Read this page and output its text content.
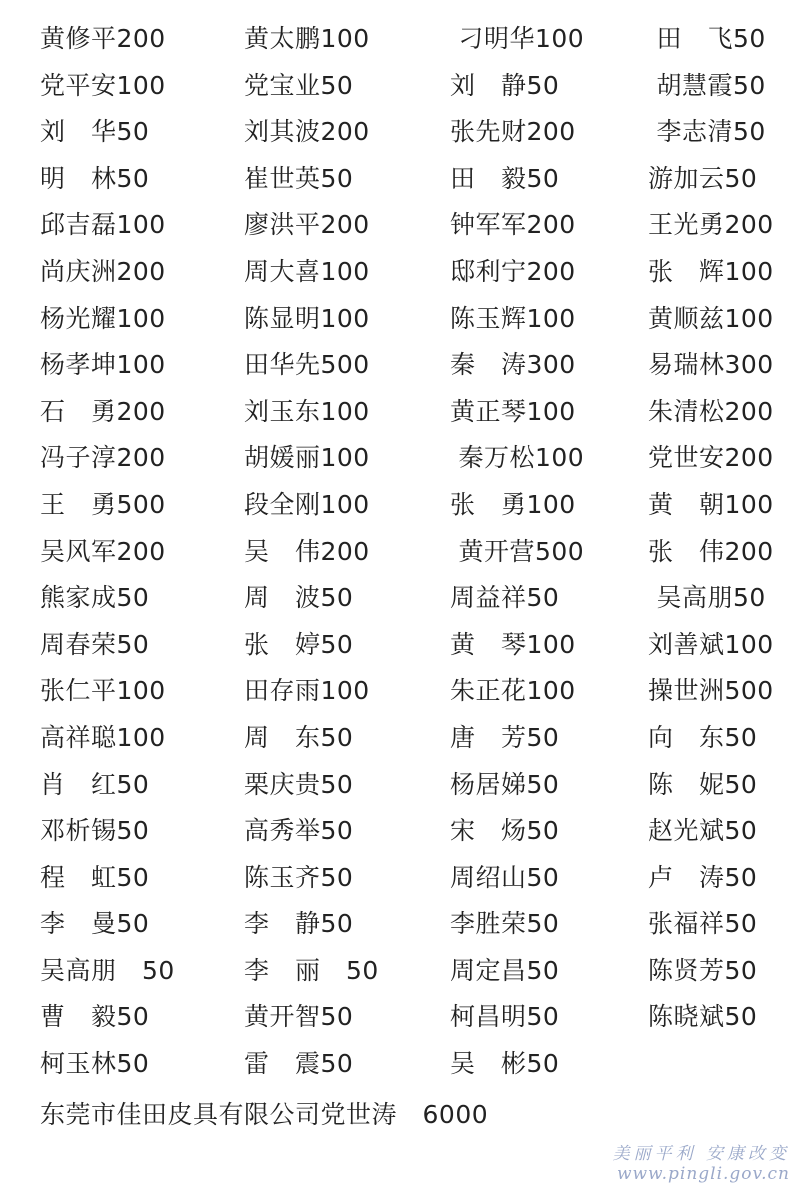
黄修平200	黄太鹏100	刁明华100	田　飞50
党平安100	党宝业50	刘　静50	胡慧霞50
刘　华50	刘其波200	张先财200	李志清50
明　林50	崔世英50	田　毅50	游加云50
邱吉磊100	廖洪平200	钟军军200	王光勇200
尚庆洲200	周大喜100	邸利宁200	张　辉100
杨光耀100	陈显明100	陈玉辉100	黄顺兹100
杨孝坤100	田华先500	秦　涛300	易瑞林300
石　勇200	刘玉东100	黄正琴100	朱清松200
冯子淳200	胡媛丽100	秦万松100	党世安200
王　勇500	段全刚100	张　勇100	黄　朝100
吴风军200	吴　伟200	黄开营500	张　伟200
熊家成50	周　波50	周益祥50	吴高朋50
周春荣50	张　婷50	黄　琴100	刘善斌100
张仁平100	田存雨100	朱正花100	操世洲500
高祥聪100	周　东50	唐　芳50	向　东50
肖　红50	栗庆贵50	杨居娣50	陈　妮50
邓析锡50	高秀举50	宋　炀50	赵光斌50
程　虹50	陈玉齐50	周绍山50	卢　涛50
李　曼50	李　静50	李胜荣50	张福祥50
吴高朋　50	李　丽　50	周定昌50	陈贤芳50
曹　毅50	黄开智50	柯昌明50	陈晓斌50
柯玉林50	雷　震50	吴　彬50
东莞市佳田皮具有限公司党世涛　6000
美丽平利 安康改变
www.pingli.gov.cn
